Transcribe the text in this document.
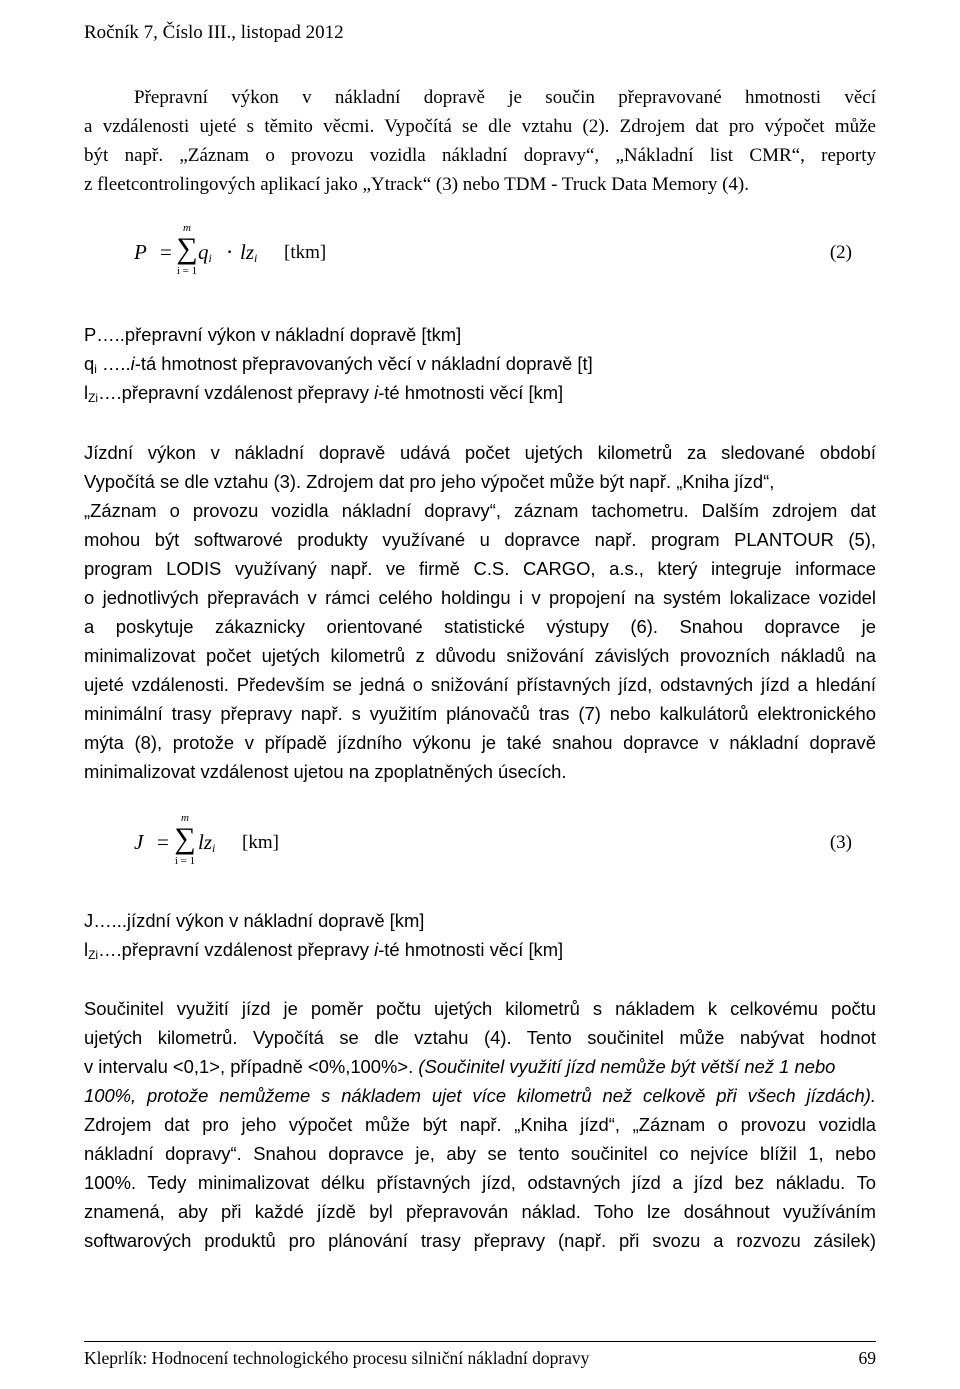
Ročník 7, Číslo III., listopad 2012
Přepravní výkon v nákladní dopravě je součin přepravované hmotnosti věcí
a vzdálenosti ujeté s těmito věcmi. Vypočítá se dle vztahu (2). Zdrojem dat pro výpočet může
být např. „Záznam o provozu vozidla nákladní dopravy“, „Nákladní list CMR“, reporty
z fleetcontrolingových aplikací jako „Ytrack“ (3) nebo TDM - Truck Data Memory (4).
P =
m
∑
i = 1
$q_i \cdot lz_i$ [tkm]	(2)
P…..přepravní výkon v nákladní dopravě [tkm]
$q_i$ …..i-tá hmotnost přepravovaných věcí v nákladní dopravě [t]
$l_{Zi}\dots.přepravní$ vzdálenost přepravy i-té hmotnosti věcí [km]
Jízdní výkon v nákladní dopravě udává počet ujetých kilometrů za sledované období
Vypočítá se dle vztahu (3). Zdrojem dat pro jeho výpočet může být např. „Kniha jízd“,
„Záznam o provozu vozidla nákladní dopravy“, záznam tachometru. Dalším zdrojem dat
mohou být softwarové produkty využívané u dopravce např. program PLANTOUR (5),
program LODIS využívaný např. ve firmě C.S. CARGO, a.s., který integruje informace
o jednotlivých přepravách v rámci celého holdingu i v propojení na systém lokalizace vozidel
a poskytuje zákaznicky orientované statistické výstupy (6). Snahou dopravce je
minimalizovat počet ujetých kilometrů z důvodu snižování závislých provozních nákladů na
ujeté vzdálenosti. Především se jedná o snižování přístavných jízd, odstavných jízd a hledání
minimální trasy přepravy např. s využitím plánovačů tras (7) nebo kalkulátorů elektronického
mýta (8), protože v případě jízdního výkonu je také snahou dopravce v nákladní dopravě
minimalizovat vzdálenost ujetou na zpoplatněných úsecích.
J =
m
∑
i = 1
$lz_i$ [km]	(3)
J…...jízdní výkon v nákladní dopravě [km]
$l_{Zi}\dots.přepravní$ vzdálenost přepravy i-té hmotnosti věcí [km]
Součinitel využití jízd je poměr počtu ujetých kilometrů s nákladem k celkovému počtu
ujetých kilometrů. Vypočítá se dle vztahu (4). Tento součinitel může nabývat hodnot
v intervalu <0,1>, případně <0%,100%>. (Součinitel využití jízd nemůže být větší než 1 nebo
100%, protože nemůžeme s nákladem ujet více kilometrů než celkově při všech jízdách).
Zdrojem dat pro jeho výpočet může být např. „Kniha jízd“, „Záznam o provozu vozidla
nákladní dopravy“. Snahou dopravce je, aby se tento součinitel co nejvíce blížil 1, nebo
100%. Tedy minimalizovat délku přístavných jízd, odstavných jízd a jízd bez nákladu. To
znamená, aby při každé jízdě byl přepravován náklad. Toho lze dosáhnout využíváním
softwarových produktů pro plánování trasy přepravy (např. při svozu a rozvozu zásilek)
Kleprlík: Hodnocení technologického procesu silniční nákladní dopravy	69
